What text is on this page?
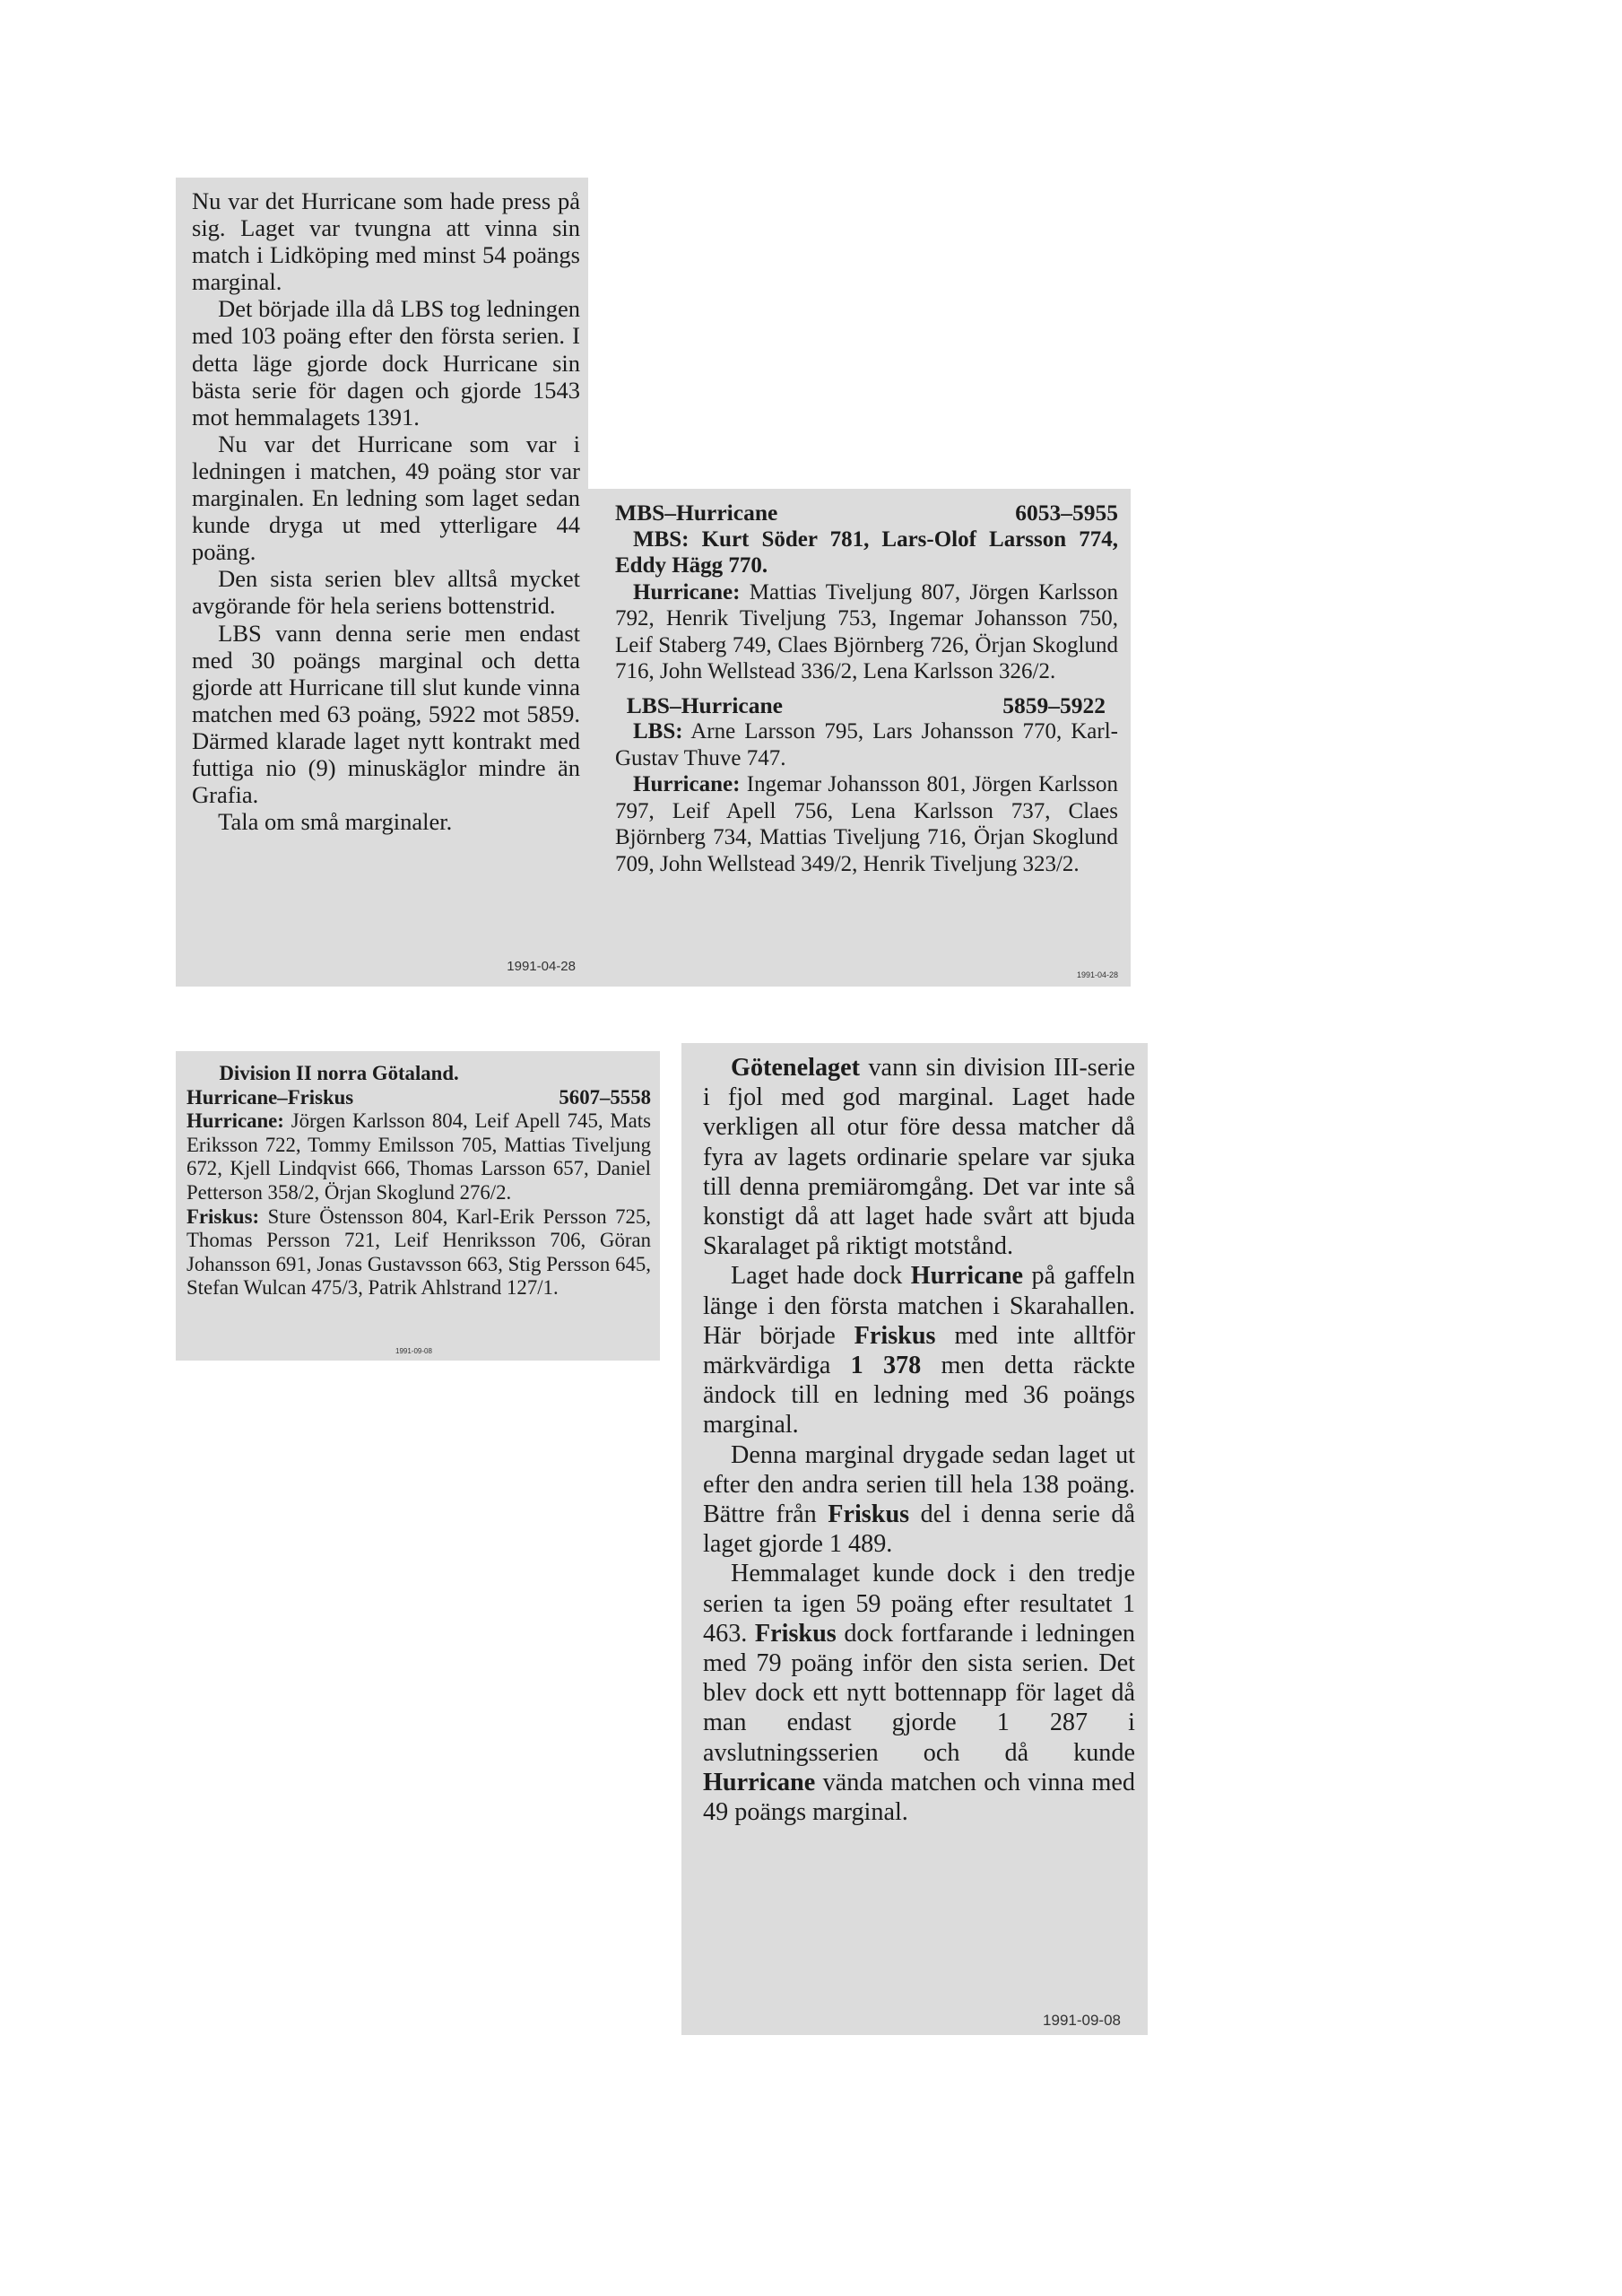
Nu var det Hurricane som hade press på sig. Laget var tvungna att vinna sin match i Lidköping med minst 54 poängs marginal.

Det började illa då LBS tog ledningen med 103 poäng efter den första serien. I detta läge gjorde dock Hurricane sin bästa serie för dagen och gjorde 1543 mot hemmalagets 1391.

Nu var det Hurricane som var i ledningen i matchen, 49 poäng stor var marginalen. En ledning som laget sedan kunde dryga ut med ytterligare 44 poäng.

Den sista serien blev alltså mycket avgörande för hela seriens bottenstrid.

LBS vann denna serie men endast med 30 poängs marginal och detta gjorde att Hurricane till slut kunde vinna matchen med 63 poäng, 5922 mot 5859. Därmed klarade laget nytt kontrakt med futtiga nio (9) minuskäglor mindre än Grafia.

Tala om små marginaler.

1991-04-28
MBS–Hurricane	6053–5955

MBS: Kurt Söder 781, Lars-Olof Larsson 774, Eddy Hägg 770.

Hurricane: Mattias Tiveljung 807, Jörgen Karlsson 792, Henrik Tiveljung 753, Ingemar Johansson 750, Leif Staberg 749, Claes Björnberg 726, Örjan Skoglund 716, John Wellstead 336/2, Lena Karlsson 326/2.

LBS–Hurricane	5859–5922

LBS: Arne Larsson 795, Lars Johansson 770, Karl-Gustav Thuve 747.

Hurricane: Ingemar Johansson 801, Jörgen Karlsson 797, Leif Apell 756, Lena Karlsson 737, Claes Björnberg 734, Mattias Tiveljung 716, Örjan Skoglund 709, John Wellstead 349/2, Henrik Tiveljung 323/2.

1991-04-28

Division II norra Götaland.

Hurricane–Friskus	5607–5558

Hurricane: Jörgen Karlsson 804, Leif Apell 745, Mats Eriksson 722, Tommy Emilsson 705, Mattias Tiveljung 672, Kjell Lindqvist 666, Thomas Larsson 657, Daniel Petterson 358/2, Örjan Skoglund 276/2.

Friskus: Sture Östensson 804, Karl-Erik Persson 725, Thomas Persson 721, Leif Henriksson 706, Göran Johansson 691, Jonas Gustavsson 663, Stig Persson 645, Stefan Wulcan 475/3, Patrik Ahlstrand 127/1.

1991-09-08

Götenelaget vann sin division III-serie i fjol med god marginal. Laget hade verkligen all otur före dessa matcher då fyra av lagets ordinarie spelare var sjuka till denna premiäromgång. Det var inte så konstigt då att laget hade svårt att bjuda Skaralaget på riktigt motstånd.

Laget hade dock Hurricane på gaffeln länge i den första matchen i Skarahallen. Här började Friskus med inte alltför märkvärdiga 1 378 men detta räckte ändock till en ledning med 36 poängs marginal.

Denna marginal drygade sedan laget ut efter den andra serien till hela 138 poäng. Bättre från Friskus del i denna serie då laget gjorde 1 489.

Hemmalaget kunde dock i den tredje serien ta igen 59 poäng efter resultatet 1 463. Friskus dock fortfarande i ledningen med 79 poäng inför den sista serien. Det blev dock ett nytt bottennapp för laget då man endast gjorde 1 287 i avslutningsserien och då kunde Hurricane vända matchen och vinna med 49 poängs marginal.

1991-09-08
